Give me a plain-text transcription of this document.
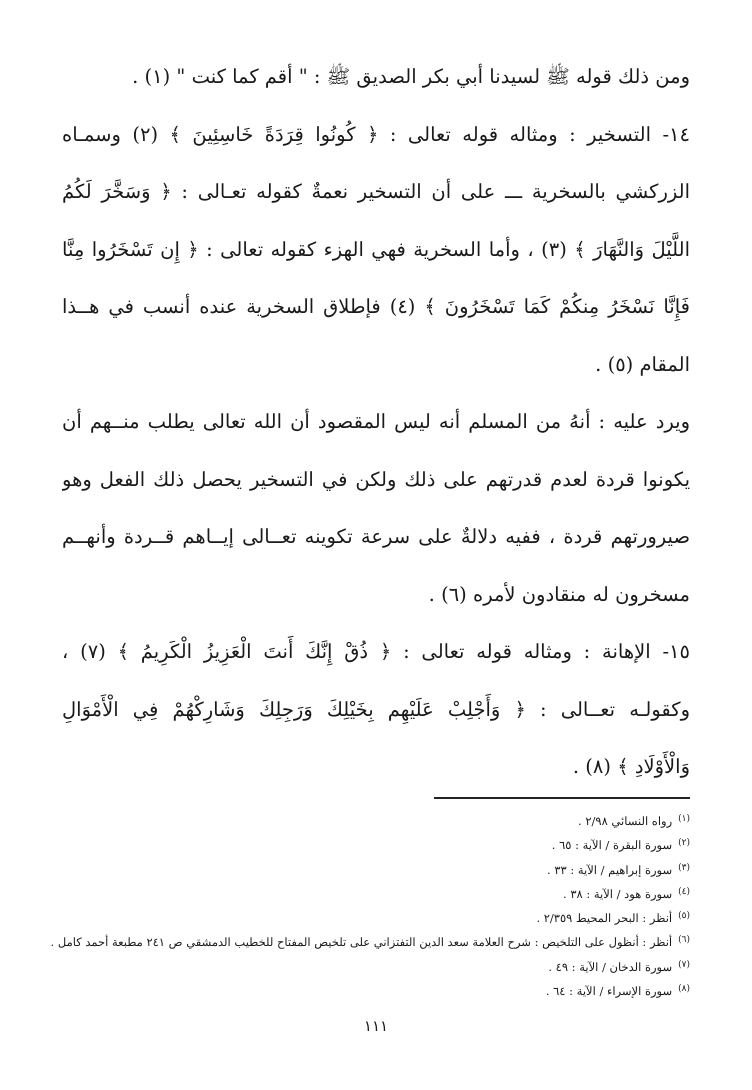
ومن ذلك قوله ﷺ لسيدنا أبي بكر الصديق ﷺ : " أقم كما كنت " (١) .

١٤- التسخير : ومثاله قوله تعالى : ﴿ كُونُوا قِرَدَةً خَاسِئِينَ ﴾ (٢) وسمـاه
الزركشي بالسخرية ـــ على أن التسخير نعمةٌ كقوله تعـالى : ﴿ وَسَخَّرَ لَكُمُ
اللَّيْلَ وَالنَّهَارَ ﴾ (٣) ، وأما السخرية فهي الهزء كقوله تعالى : ﴿ إِن تَسْخَرُوا مِنَّا
فَإِنَّا نَسْخَرُ مِنكُمْ كَمَا تَسْخَرُونَ ﴾ (٤) فإطلاق السخرية عنده أنسب في هــذا
المقام (٥) .

ويرد عليه : أنهُ من المسلم أنه ليس المقصود أن الله تعالى يطلب منــهم أن
يكونوا قردة لعدم قدرتهم على ذلك ولكن في التسخير يحصل ذلك الفعل وهو
صيرورتهم قردة ، ففيه دلالةٌ على سرعة تكوينه تعــالى إيــاهم قــردة وأنهــم
مسخرون له منقادون لأمره (٦) .

١٥- الإهانة : ومثاله قوله تعالى : ﴿ ذُقْ إِنَّكَ أَنتَ الْعَزِيزُ الْكَرِيمُ ﴾ (٧) ،
وكقولـه تعــالى : ﴿ وَأَجْلِبْ عَلَيْهِم بِخَيْلِكَ وَرَجِلِكَ وَشَارِكْهُمْ فِي الْأَمْوَالِ
وَالْأَوْلَادِ ﴾ (٨) .

$^{(١)}$رواه النسائي ٢/٩٨ .
$^{(٢)}$سورة البقرة / الآية : ٦٥ .
$^{(٣)}$سورة إبراهيم / الآية : ٣٣ .
$^{(٤)}$سورة هود / الآية : ٣٨ .
$^{(٥)}$أنظر : البحر المحيط ٢/٣٥٩ .
$^{(٦)}$أنظر : أنظول على التلخيص : شرح العلامة سعد الدين التفتزاني على تلخيص المفتاح للخطيب الدمشقي ص ٢٤١ مطبعة أحمد كامل .
$^{(٧)}$سورة الدخان / الآية : ٤٩ .
$^{(٨)}$سورة الإسراء / الآية : ٦٤ .
١١١
